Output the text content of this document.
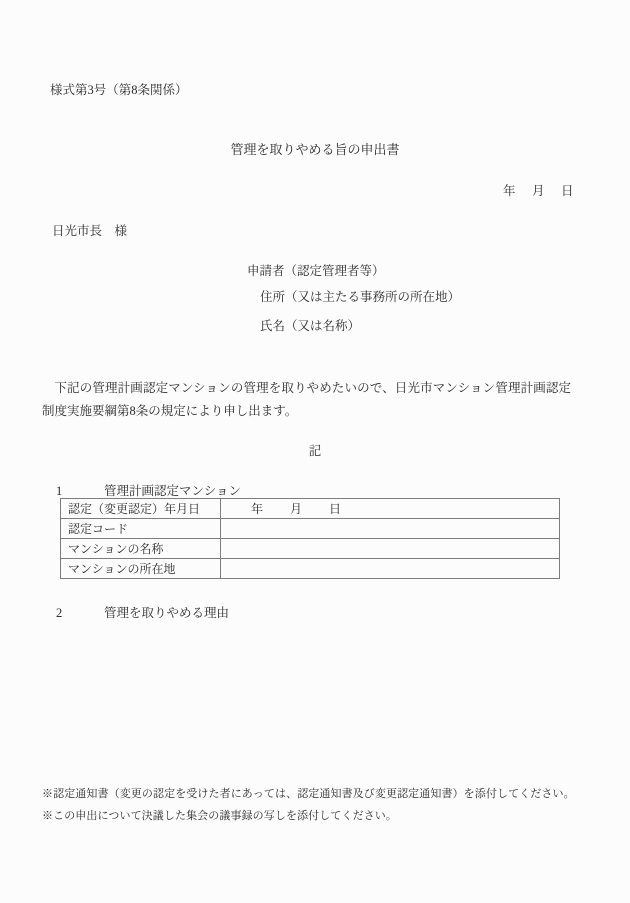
様式第3号（第8条関係）
管理を取りやめる旨の申出書
年　月　日
日光市長　様
申請者（認定管理者等）
住所（又は主たる事務所の所在地）
氏名（又は名称）
下記の管理計画認定マンションの管理を取りやめたいので、日光市マンション管理計画認定制度実施要綱第8条の規定により申し出ます。
記
1	管理計画認定マンション
認定（変更認定）年月日	年　　月　　日
認定コード	
マンションの名称	
マンションの所在地	
2	管理を取りやめる理由
※認定通知書（変更の認定を受けた者にあっては、認定通知書及び変更認定通知書）を添付してください。
※この申出について決議した集会の議事録の写しを添付してください。
